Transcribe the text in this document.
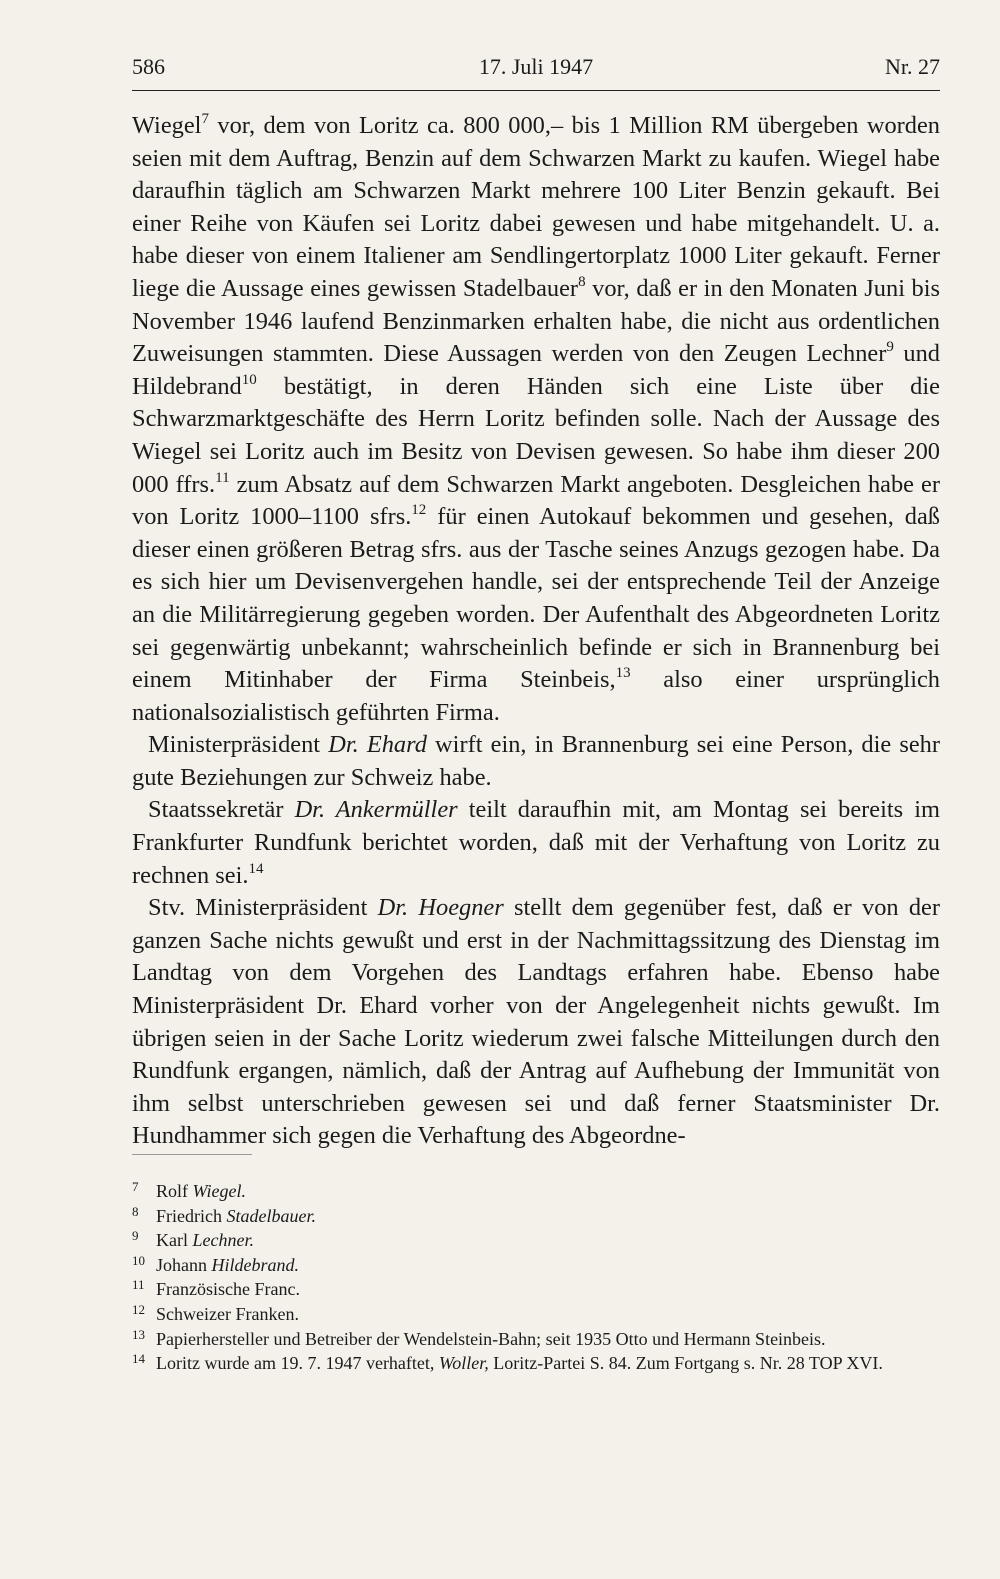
586	17. Juli 1947	Nr. 27

Wiegel$^7$ vor, dem von Loritz ca. 800 000,– bis 1 Million RM übergeben worden seien mit dem Auftrag, Benzin auf dem Schwarzen Markt zu kaufen. Wiegel habe daraufhin täglich am Schwarzen Markt mehrere 100 Liter Benzin gekauft. Bei einer Reihe von Käufen sei Loritz dabei gewesen und habe mitgehandelt. U. a. habe dieser von einem Italiener am Sendlingertorplatz 1000 Liter gekauft. Ferner liege die Aussage eines gewissen Stadelbauer$^8$ vor, daß er in den Monaten Juni bis November 1946 laufend Benzinmarken erhalten habe, die nicht aus ordentlichen Zuweisungen stammten. Diese Aussagen werden von den Zeugen Lechner$^9$ und Hildebrand$^{10}$ bestätigt, in deren Händen sich eine Liste über die Schwarzmarktgeschäfte des Herrn Loritz befinden solle. Nach der Aussage des Wiegel sei Loritz auch im Besitz von Devisen gewesen. So habe ihm dieser 200 000 ffrs.$^{11}$ zum Absatz auf dem Schwarzen Markt angeboten. Desgleichen habe er von Loritz 1000–1100 sfrs.$^{12}$ für einen Autokauf bekommen und gesehen, daß dieser einen größeren Betrag sfrs. aus der Tasche seines Anzugs gezogen habe. Da es sich hier um Devisenvergehen handle, sei der entsprechende Teil der Anzeige an die Militärregierung gegeben worden. Der Aufenthalt des Abgeordneten Loritz sei gegenwärtig unbekannt; wahrscheinlich befinde er sich in Brannenburg bei einem Mitinhaber der Firma Steinbeis,$^{13}$ also einer ursprünglich nationalsozialistisch geführten Firma.

Ministerpräsident Dr. Ehard wirft ein, in Brannenburg sei eine Person, die sehr gute Beziehungen zur Schweiz habe.

Staatssekretär Dr. Ankermüller teilt daraufhin mit, am Montag sei bereits im Frankfurter Rundfunk berichtet worden, daß mit der Verhaftung von Loritz zu rechnen sei.$^{14}$

Stv. Ministerpräsident Dr. Hoegner stellt dem gegenüber fest, daß er von der ganzen Sache nichts gewußt und erst in der Nachmittagssitzung des Dienstag im Landtag von dem Vorgehen des Landtags erfahren habe. Ebenso habe Ministerpräsident Dr. Ehard vorher von der Angelegenheit nichts gewußt. Im übrigen seien in der Sache Loritz wiederum zwei falsche Mitteilungen durch den Rundfunk ergangen, nämlich, daß der Antrag auf Aufhebung der Immunität von ihm selbst unterschrieben gewesen sei und daß ferner Staatsminister Dr. Hundhammer sich gegen die Verhaftung des Abgeordne-

7 Rolf Wiegel.
8 Friedrich Stadelbauer.
9 Karl Lechner.
10 Johann Hildebrand.
11 Französische Franc.
12 Schweizer Franken.
13 Papierhersteller und Betreiber der Wendelstein-Bahn; seit 1935 Otto und Hermann Steinbeis.
14 Loritz wurde am 19. 7. 1947 verhaftet, Woller, Loritz-Partei S. 84. Zum Fortgang s. Nr. 28 TOP XVI.
